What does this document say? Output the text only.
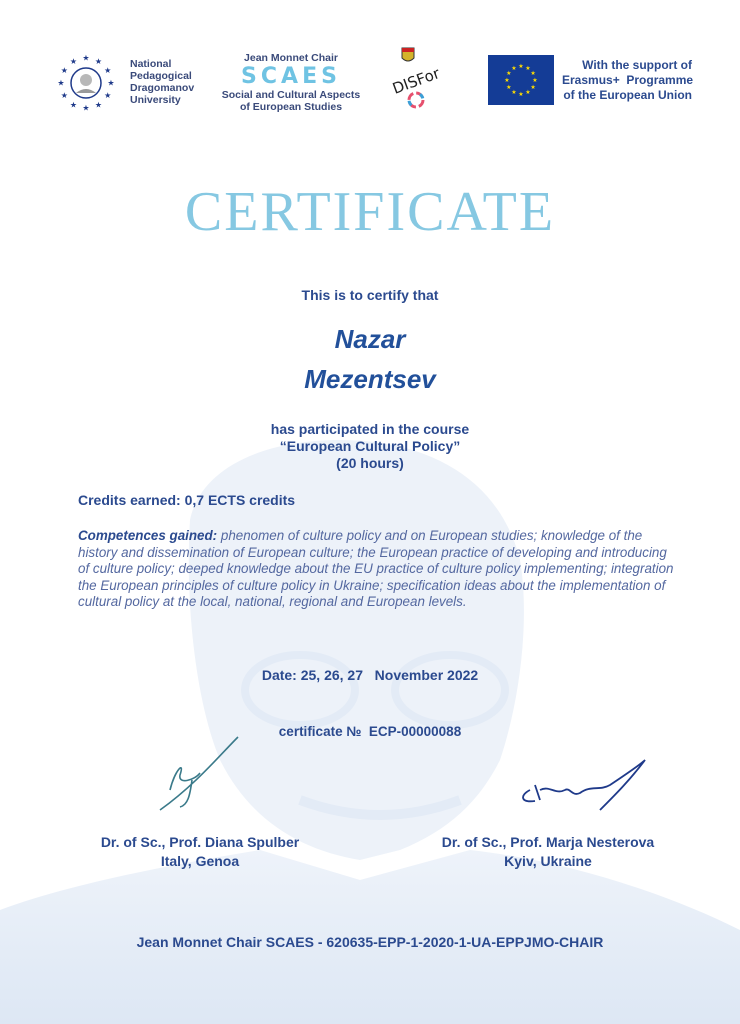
★
★
★
★
★
★
★
★
★ ★ ★
★
National
Pedagogical
Dragomanov
University
Jean Monnet Chair
SCAES
Social and Cultural Aspects
of European Studies
DISFor	★
★
★
★
★
★
★
★
★ ★ ★
★
With the support of
Erasmus+  Programme
of the European Union
CERTIFICATE
This is to certify that
Nazar
Mezentsev
has participated in the course
“European Cultural Policy”
(20 hours)
Credits earned: 0,7 ECTS credits
Competences gained: phenomen of culture policy and on European studies; knowledge of the history and dissemination of European culture; the European practice of developing and introducing of culture policy; deeped knowledge about the EU practice of culture policy implementing; integration the European principles of culture policy in Ukraine; specification ideas about the implementation of cultural policy at the local, national, regional and European levels.
Date: 25, 26, 27   November 2022
certificate №  ECP-00000088
Dr. of Sc., Prof. Diana Spulber
Italy, Genoa
Dr. of Sc., Prof. Marja Nesterova
Kyiv, Ukraine
Jean Monnet Chair SCAES - 620635-EPP-1-2020-1-UA-EPPJMO-CHAIR
